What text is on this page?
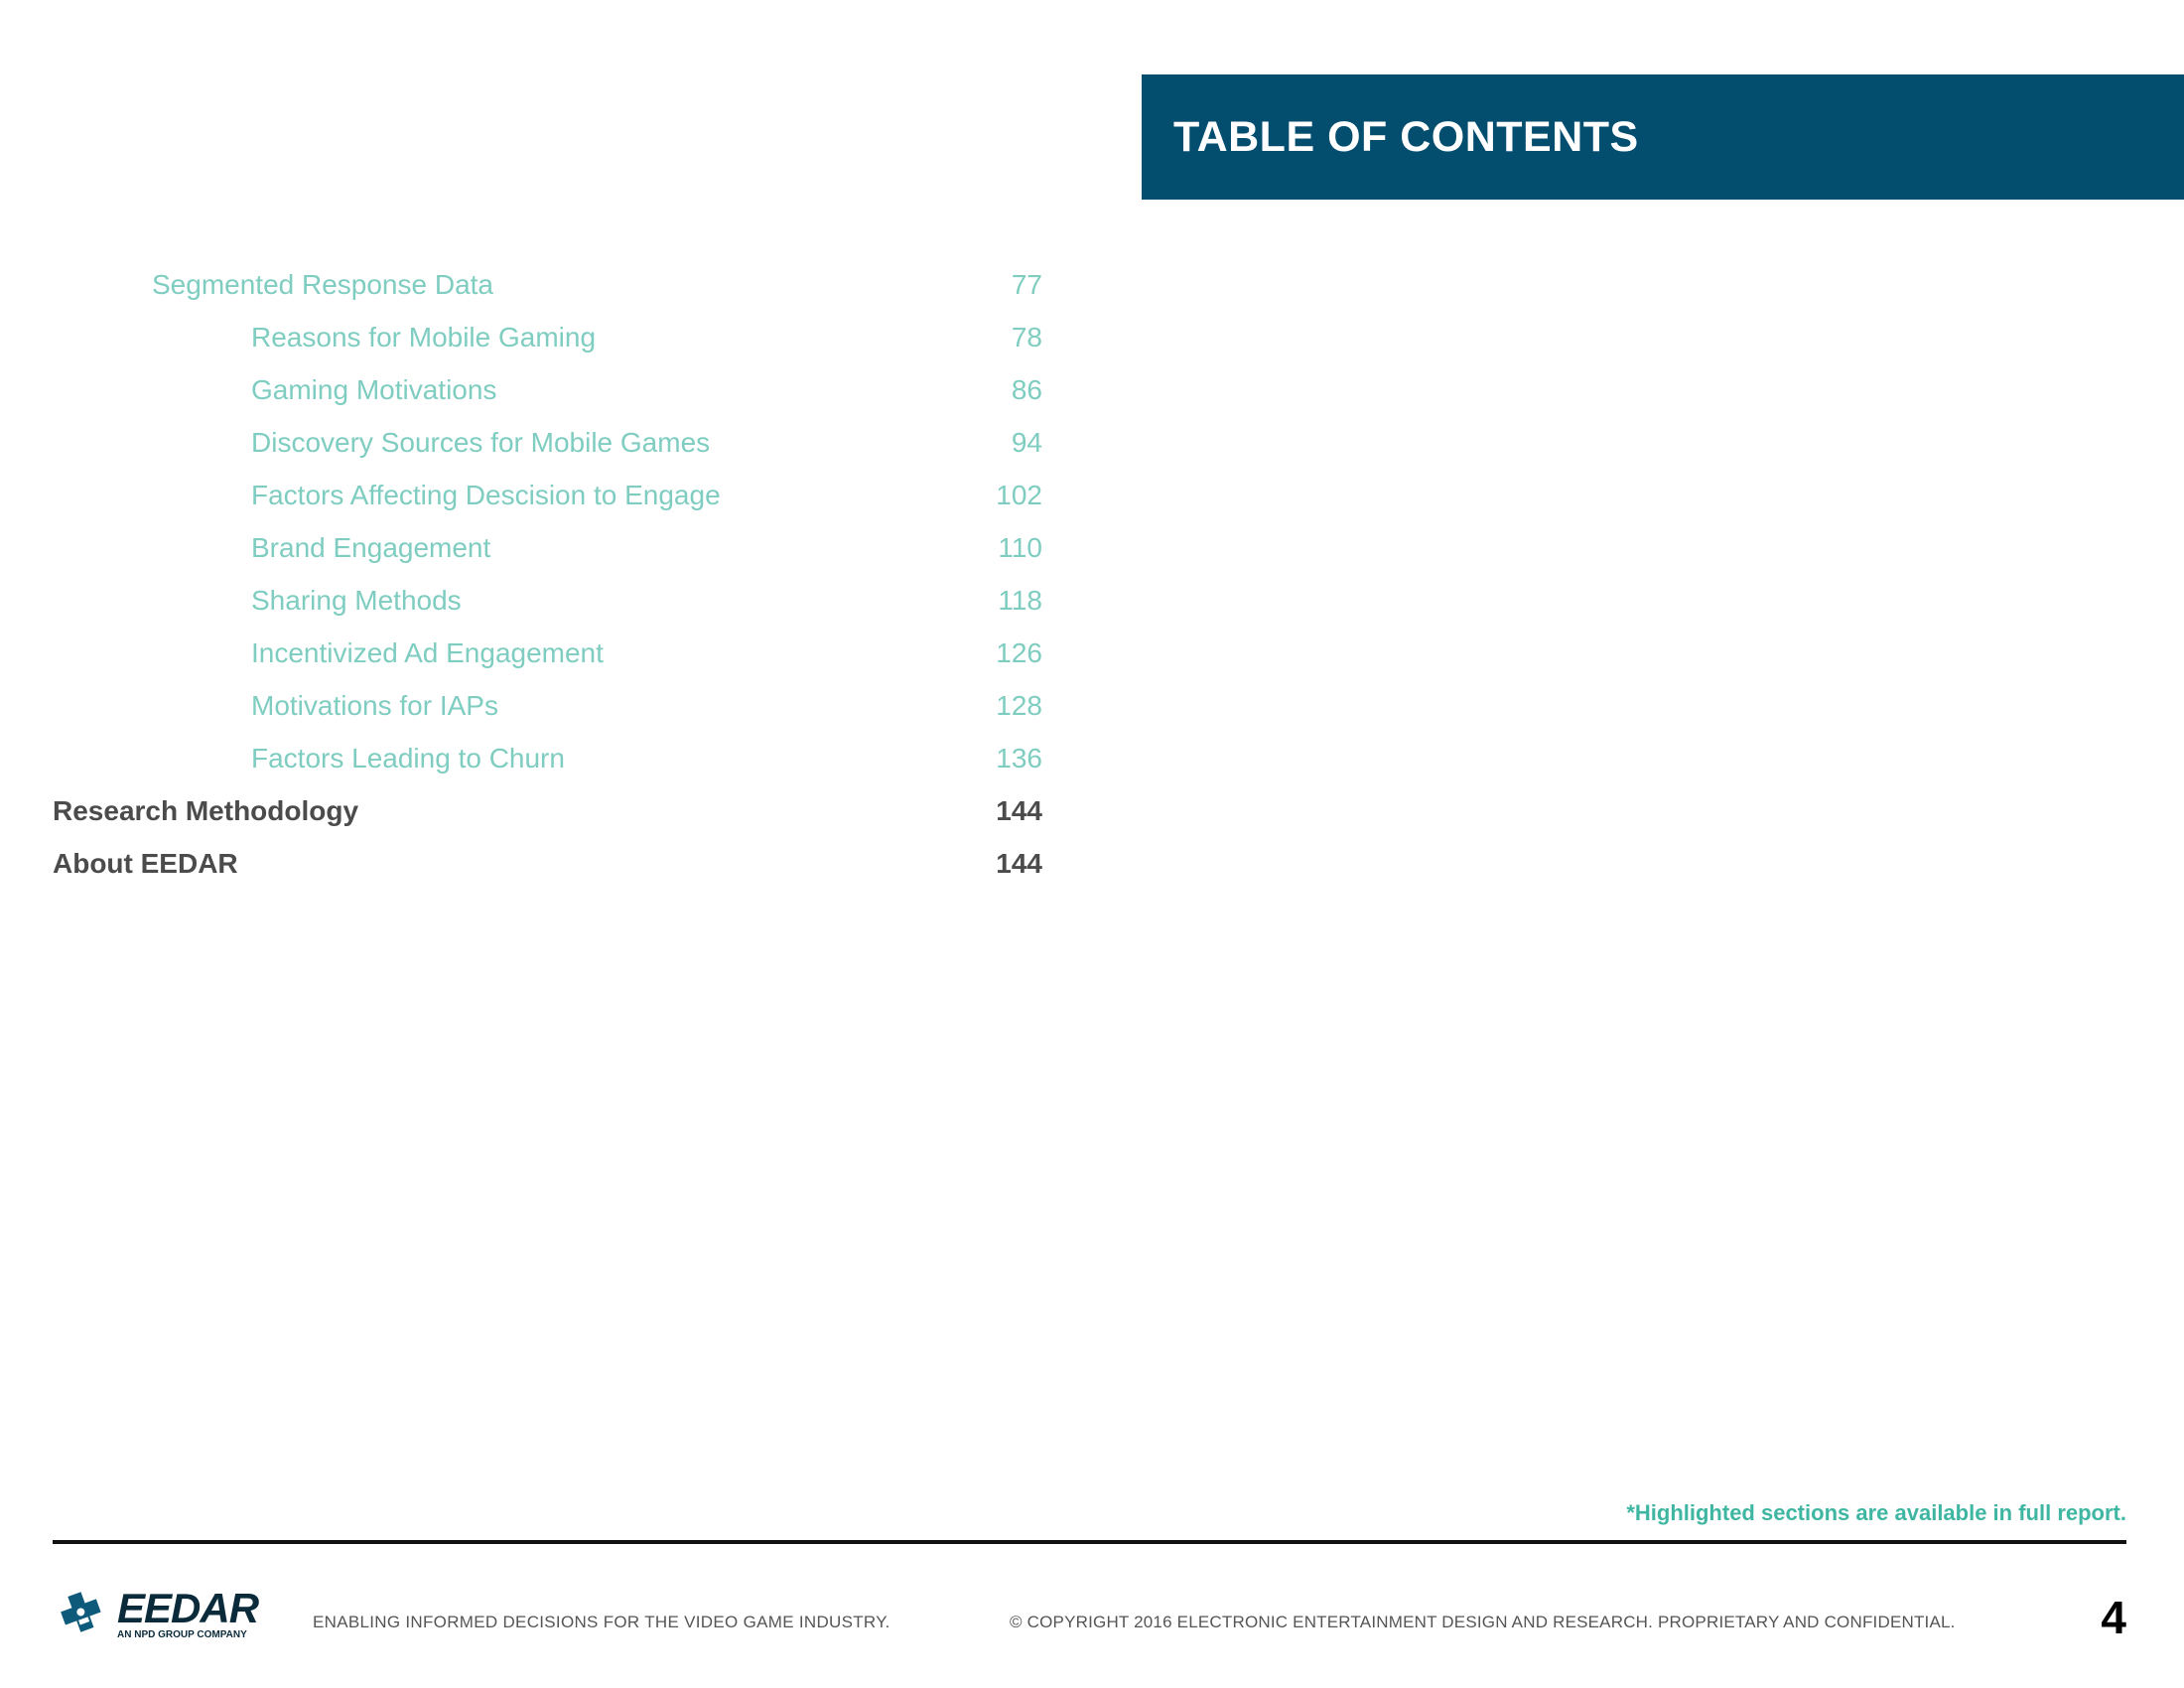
TABLE OF CONTENTS
Segmented Response Data	77
Reasons for Mobile Gaming	78
Gaming Motivations	86
Discovery Sources for Mobile Games	94
Factors Affecting Descision to Engage	102
Brand Engagement	110
Sharing Methods	118
Incentivized Ad Engagement	126
Motivations for IAPs	128
Factors Leading to Churn	136
Research Methodology	144
About EEDAR	144
*Highlighted sections are available in full report.
EEDAR
AN NPD GROUP COMPANY
ENABLING INFORMED DECISIONS FOR THE VIDEO GAME INDUSTRY.	© COPYRIGHT 2016 ELECTRONIC ENTERTAINMENT DESIGN AND RESEARCH. PROPRIETARY AND CONFIDENTIAL.	4
